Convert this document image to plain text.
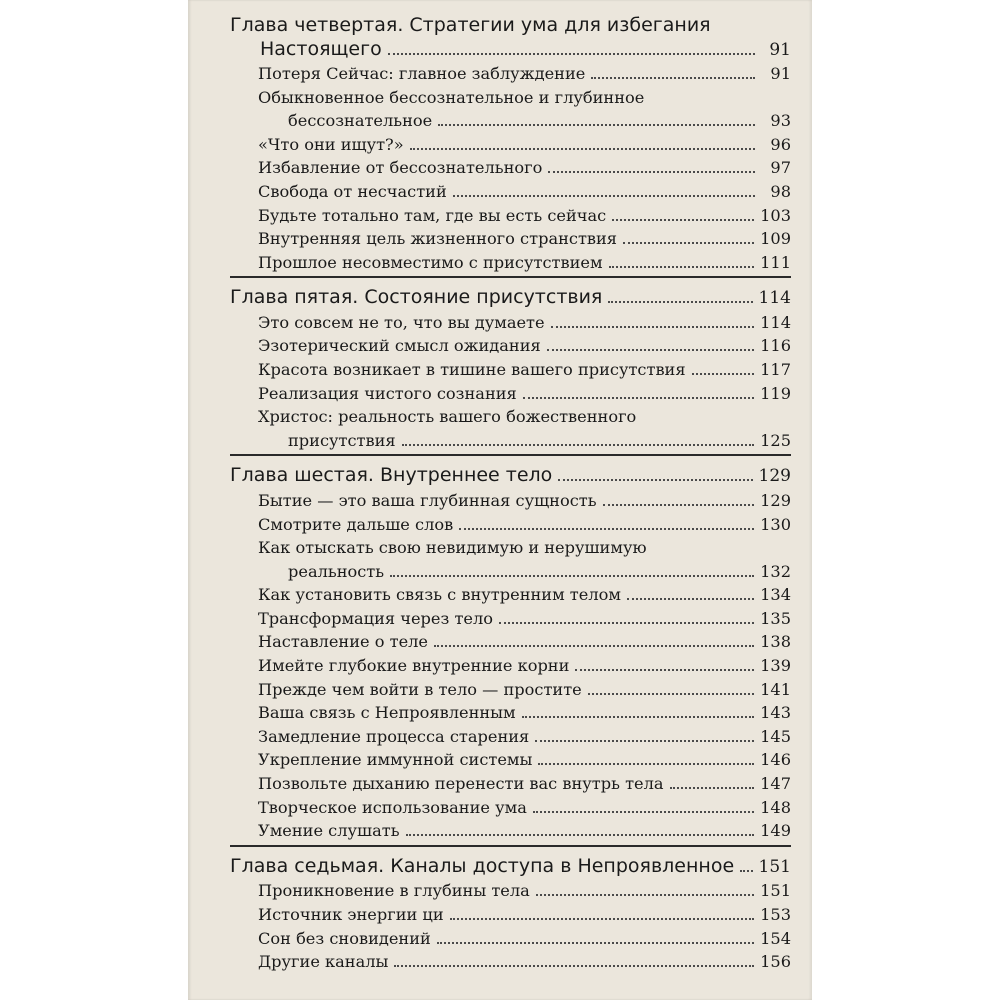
Глава четвертая. Стратегии ума для избегания
Настоящего	91
Потеря Сейчас: главное заблуждение	91
Обыкновенное бессознательное и глубинное
бессознательное	93
«Что они ищут?»	96
Избавление от бессознательного	97
Свобода от несчастий	98
Будьте тотально там, где вы есть сейчас	103
Внутренняя цель жизненного странствия	109
Прошлое несовместимо с присутствием	111
Глава пятая. Состояние присутствия	114
Это совсем не то, что вы думаете	114
Эзотерический смысл ожидания	116
Красота возникает в тишине вашего присутствия	117
Реализация чистого сознания	119
Христос: реальность вашего божественного
присутствия	125
Глава шестая. Внутреннее тело	129
Бытие — это ваша глубинная сущность	129
Смотрите дальше слов	130
Как отыскать свою невидимую и нерушимую
реальность	132
Как установить связь с внутренним телом	134
Трансформация через тело	135
Наставление о теле	138
Имейте глубокие внутренние корни	139
Прежде чем войти в тело — простите	141
Ваша связь с Непроявленным	143
Замедление процесса старения	145
Укрепление иммунной системы	146
Позвольте дыханию перенести вас внутрь тела	147
Творческое использование ума	148
Умение слушать	149
Глава седьмая. Каналы доступа в Непроявленное	151
Проникновение в глубины тела	151
Источник энергии ци	153
Сон без сновидений	154
Другие каналы	156
